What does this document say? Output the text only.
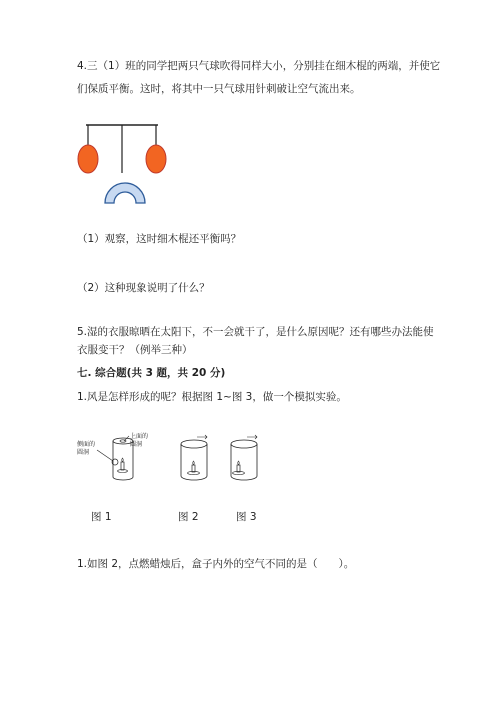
4.三（1）班的同学把两只气球吹得同样大小，分别挂在细木棍的两端，并使它
们保质平衡。这时，将其中一只气球用针刺破让空气流出来。
（1）观察，这时细木棍还平衡吗？
（2）这种现象说明了什么？
5.湿的衣服晾晒在太阳下，不一会就干了，是什么原因呢？还有哪些办法能使
衣服变干？（例举三种）
七. 综合题(共 3 题，共 20 分)
1.风是怎样形成的呢？根据图 1~图 3，做一个模拟实验。
侧面的
圆洞
上面的
圆洞
图 1	图 2	图 3
1.如图 2，点燃蜡烛后，盒子内外的空气不同的是（　　）。
